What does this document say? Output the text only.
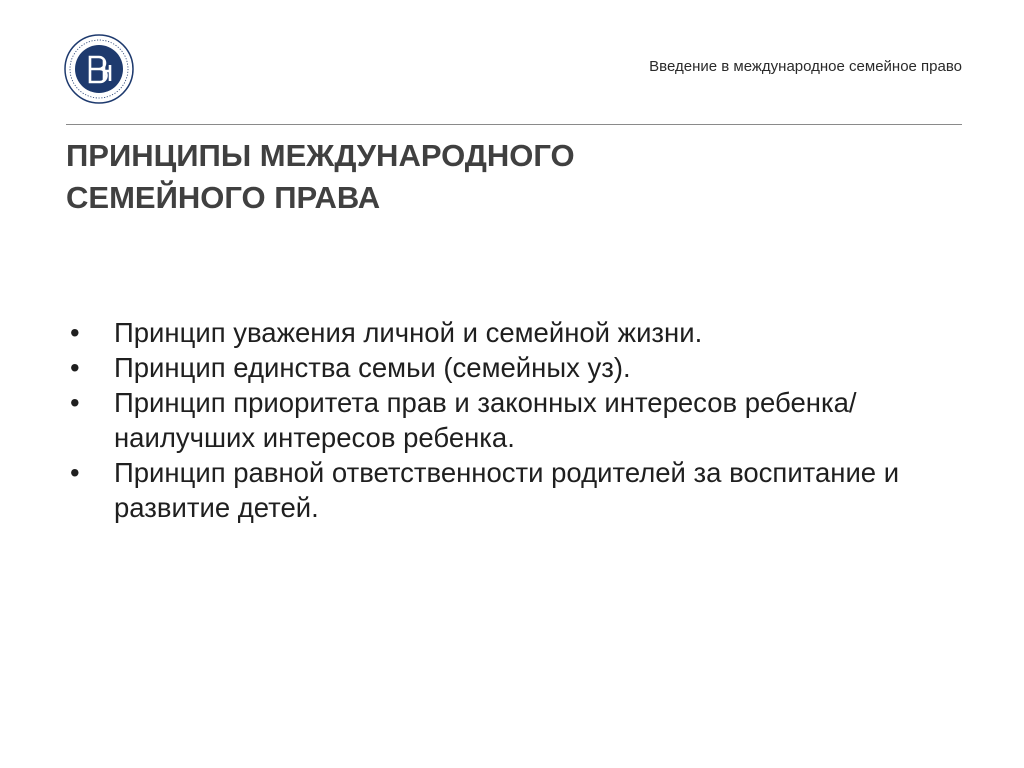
Введение в международное семейное право
ПРИНЦИПЫ МЕЖДУНАРОДНОГО
СЕМЕЙНОГО ПРАВА
• Принцип уважения личной и семейной жизни.
• Принцип единства семьи (семейных уз).
• Принцип приоритета прав и законных интересов ребенка/ наилучших интересов ребенка.
• Принцип равной ответственности родителей за воспитание и развитие детей.
